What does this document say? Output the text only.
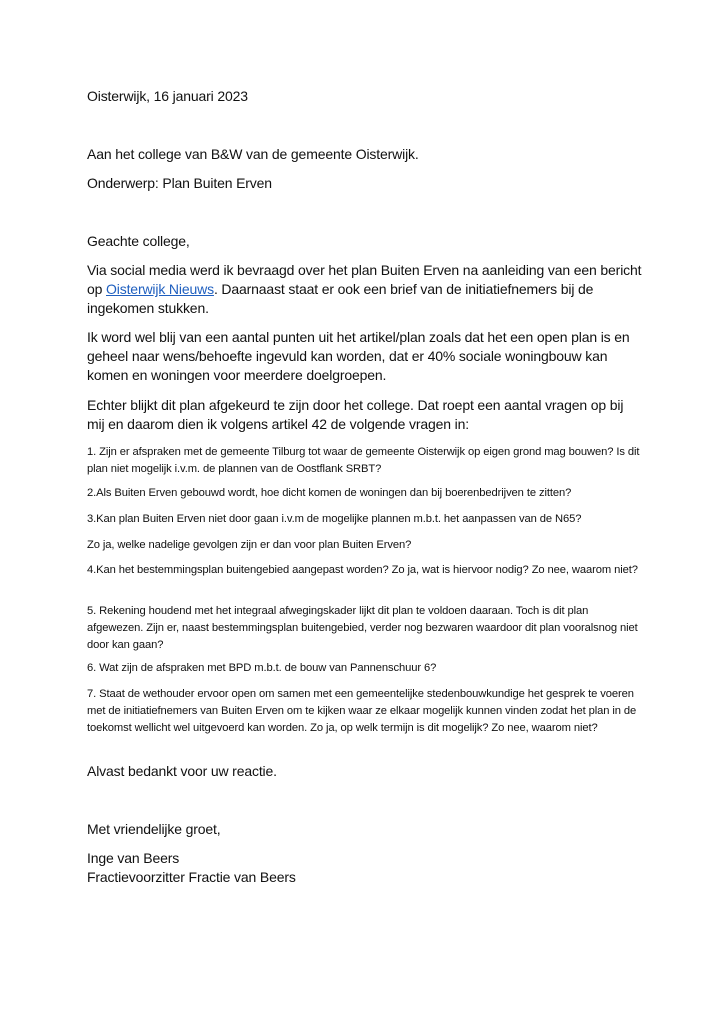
Oisterwijk, 16 januari 2023

Aan het college van B&W van de gemeente Oisterwijk.

Onderwerp: Plan Buiten Erven

Geachte college,

Via social media werd ik bevraagd over het plan Buiten Erven na aanleiding van een bericht op Oisterwijk Nieuws. Daarnaast staat er ook een brief van de initiatiefnemers bij de ingekomen stukken.

Ik word wel blij van een aantal punten uit het artikel/plan zoals dat het een open plan is en geheel naar wens/behoefte ingevuld kan worden, dat er 40% sociale woningbouw kan komen en woningen voor meerdere doelgroepen.

Echter blijkt dit plan afgekeurd te zijn door het college. Dat roept een aantal vragen op bij mij en daarom dien ik volgens artikel 42 de volgende vragen in:

1. Zijn er afspraken met de gemeente Tilburg tot waar de gemeente Oisterwijk op eigen grond mag bouwen? Is dit plan niet mogelijk i.v.m. de plannen van de Oostflank SRBT?

2.Als Buiten Erven gebouwd wordt, hoe dicht komen de woningen dan bij boerenbedrijven te zitten?

3.Kan plan Buiten Erven niet door gaan i.v.m de mogelijke plannen m.b.t. het aanpassen van de N65?

Zo ja, welke nadelige gevolgen zijn er dan voor plan Buiten Erven?

4.Kan het bestemmingsplan buitengebied aangepast worden? Zo ja, wat is hiervoor nodig? Zo nee, waarom niet?

5. Rekening houdend met het integraal afwegingskader lijkt dit plan te voldoen daaraan. Toch is dit plan afgewezen. Zijn er, naast bestemmingsplan buitengebied, verder nog bezwaren waardoor dit plan vooralsnog niet door kan gaan?

6. Wat zijn de afspraken met BPD m.b.t. de bouw van Pannenschuur 6?

7. Staat de wethouder ervoor open om samen met een gemeentelijke stedenbouwkundige het gesprek te voeren met de initiatiefnemers van Buiten Erven om te kijken waar ze elkaar mogelijk kunnen vinden zodat het plan in de toekomst wellicht wel uitgevoerd kan worden. Zo ja, op welk termijn is dit mogelijk? Zo nee, waarom niet?

Alvast bedankt voor uw reactie.

Met vriendelijke groet,

Inge van Beers

Fractievoorzitter Fractie van Beers
